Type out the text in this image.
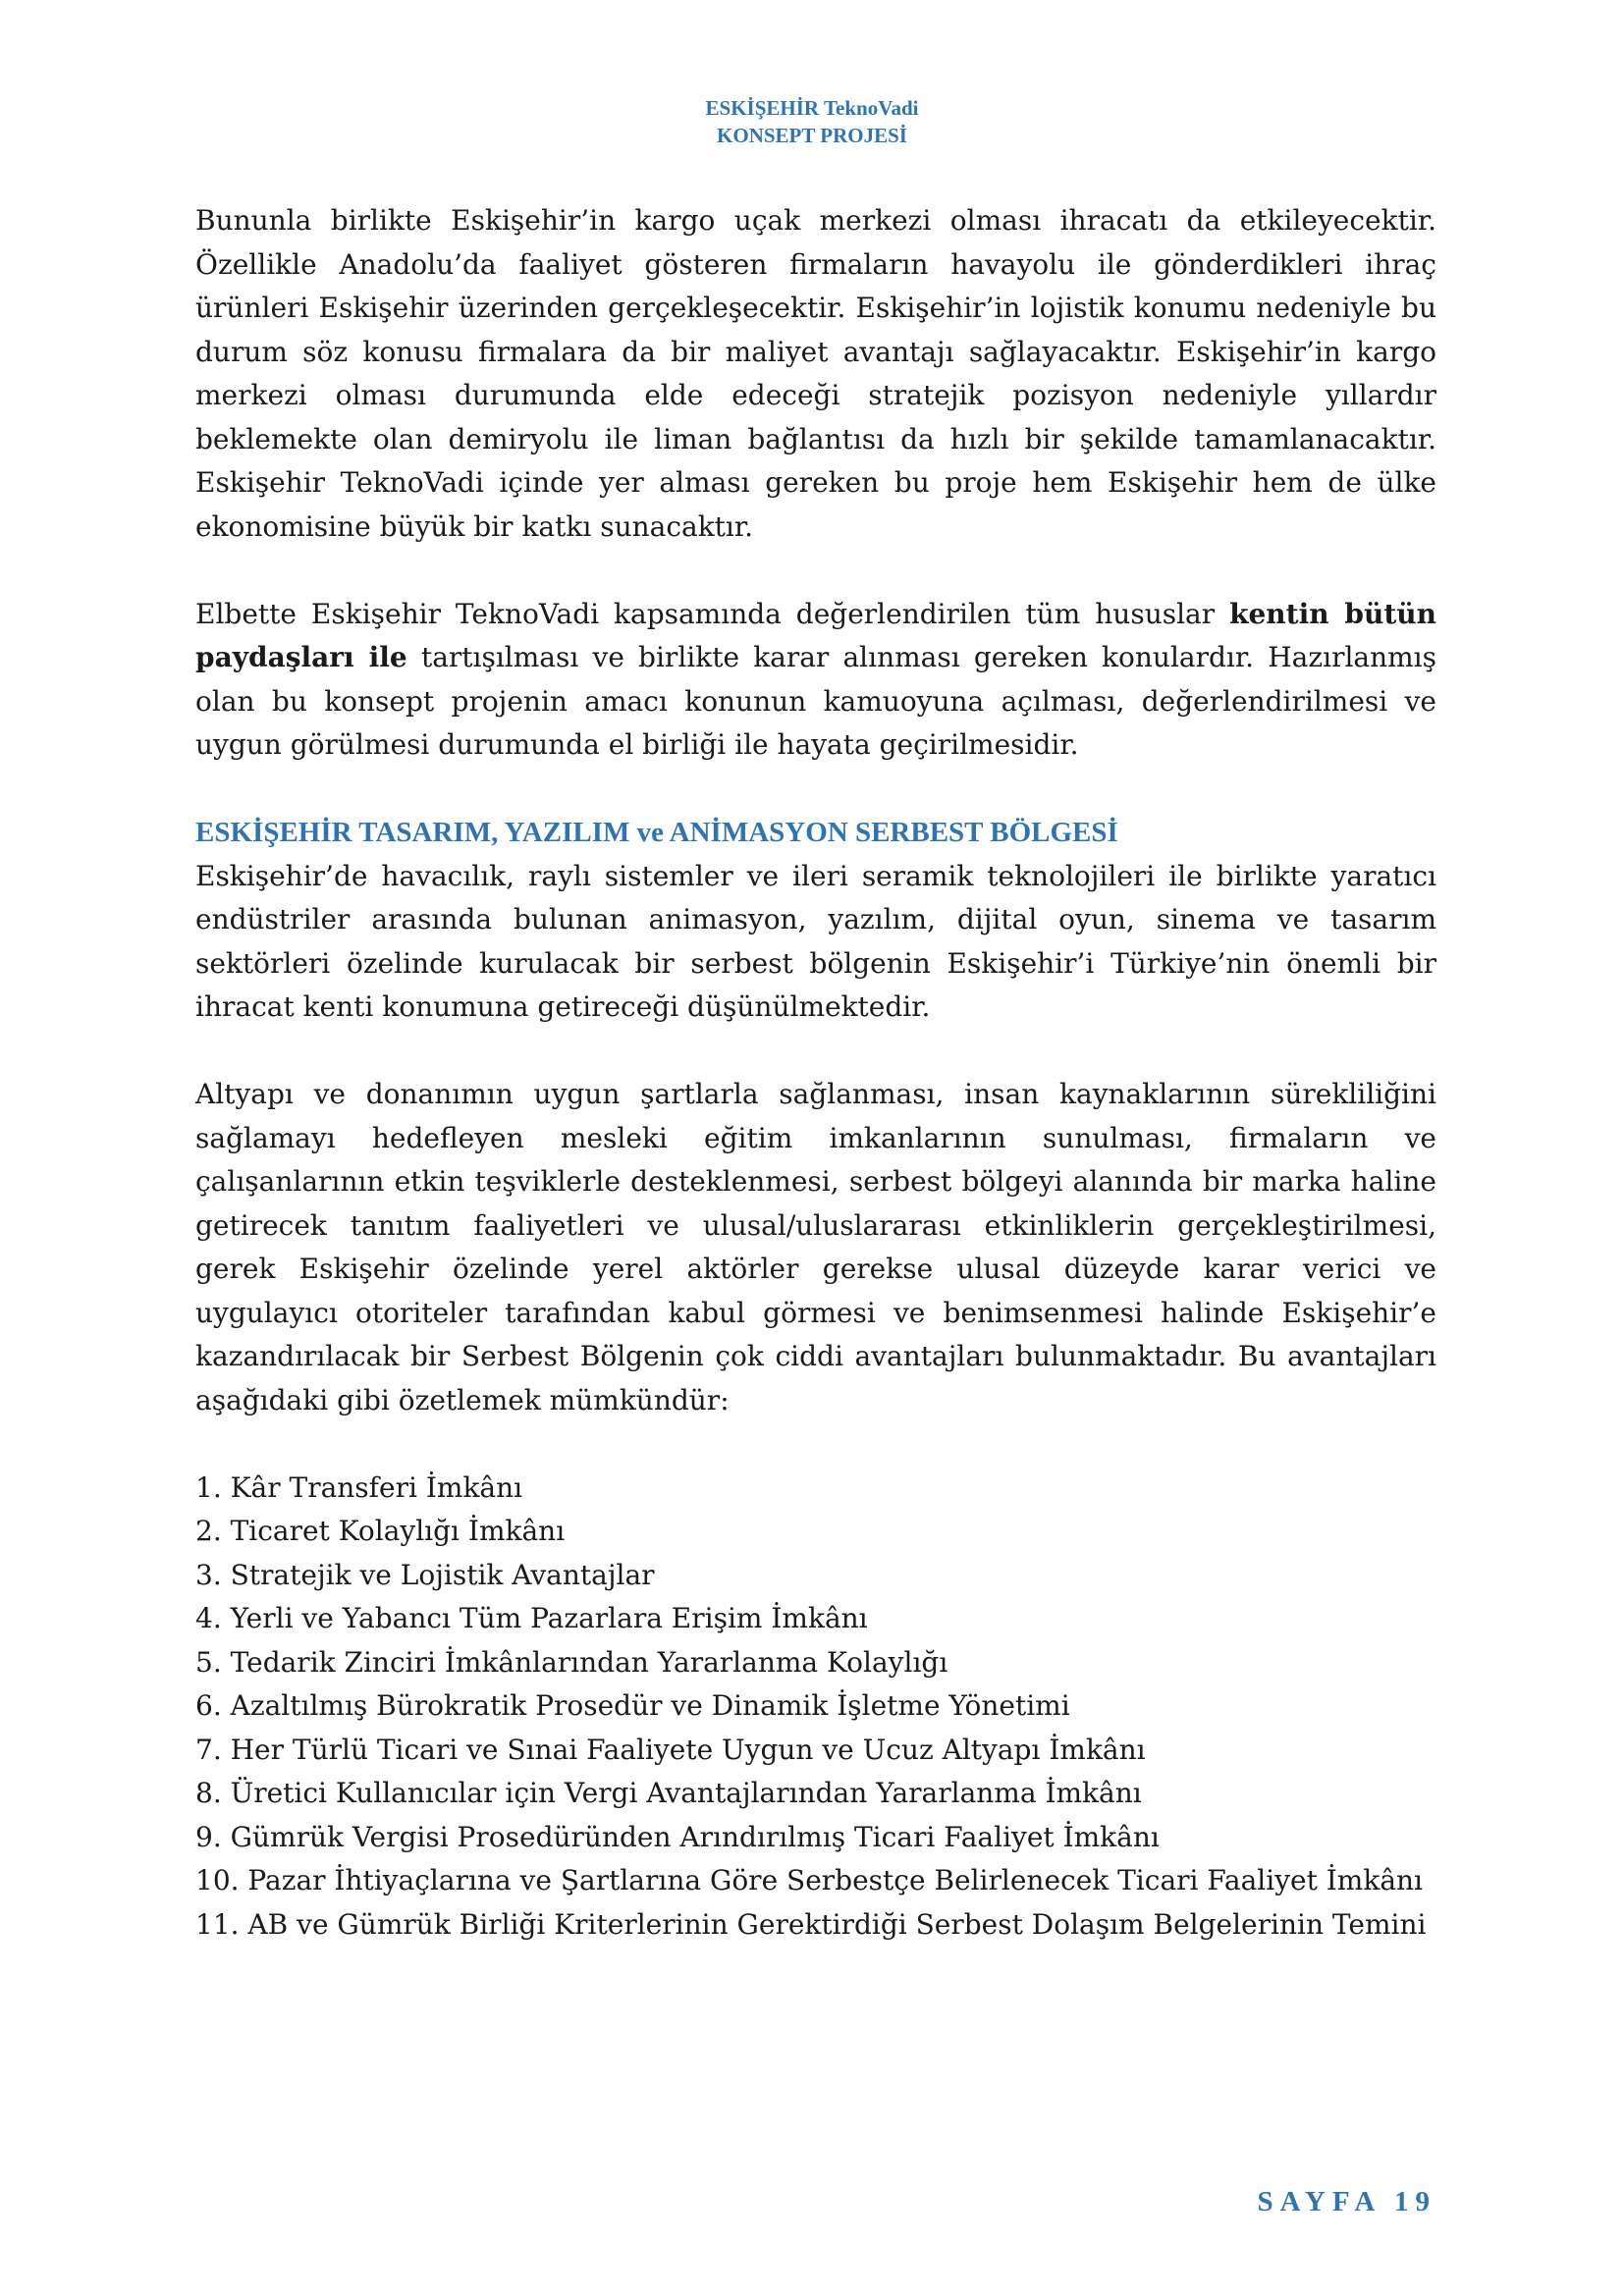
ESKİŞEHİR TeknoVadi
KONSEPT PROJESİ

Bununla birlikte Eskişehir’in kargo uçak merkezi olması ihracatı da etkileyecektir. Özellikle Anadolu’da faaliyet gösteren firmaların havayolu ile gönderdikleri ihraç ürünleri Eskişehir üzerinden gerçekleşecektir. Eskişehir’in lojistik konumu nedeniyle bu durum söz konusu firmalara da bir maliyet avantajı sağlayacaktır. Eskişehir’in kargo merkezi olması durumunda elde edeceği stratejik pozisyon nedeniyle yıllardır beklemekte olan demiryolu ile liman bağlantısı da hızlı bir şekilde tamamlanacaktır. Eskişehir TeknoVadi içinde yer alması gereken bu proje hem Eskişehir hem de ülke ekonomisine büyük bir katkı sunacaktır.

Elbette Eskişehir TeknoVadi kapsamında değerlendirilen tüm hususlar kentin bütün paydaşları ile tartışılması ve birlikte karar alınması gereken konulardır. Hazırlanmış olan bu konsept projenin amacı konunun kamuoyuna açılması, değerlendirilmesi ve uygun görülmesi durumunda el birliği ile hayata geçirilmesidir.

ESKİŞEHİR TASARIM, YAZILIM ve ANİMASYON SERBEST BÖLGESİ

Eskişehir’de havacılık, raylı sistemler ve ileri seramik teknolojileri ile birlikte yaratıcı endüstriler arasında bulunan animasyon, yazılım, dijital oyun, sinema ve tasarım sektörleri özelinde kurulacak bir serbest bölgenin Eskişehir’i Türkiye’nin önemli bir ihracat kenti konumuna getireceği düşünülmektedir.

Altyapı ve donanımın uygun şartlarla sağlanması, insan kaynaklarının sürekliliğini sağlamayı hedefleyen mesleki eğitim imkanlarının sunulması, firmaların ve çalışanlarının etkin teşviklerle desteklenmesi, serbest bölgeyi alanında bir marka haline getirecek tanıtım faaliyetleri ve ulusal/uluslararası etkinliklerin gerçekleştirilmesi, gerek Eskişehir özelinde yerel aktörler gerekse ulusal düzeyde karar verici ve uygulayıcı otoriteler tarafından kabul görmesi ve benimsenmesi halinde Eskişehir’e kazandırılacak bir Serbest Bölgenin çok ciddi avantajları bulunmaktadır. Bu avantajları aşağıdaki gibi özetlemek mümkündür:

1. Kâr Transferi İmkânı
2. Ticaret Kolaylığı İmkânı
3. Stratejik ve Lojistik Avantajlar
4. Yerli ve Yabancı Tüm Pazarlara Erişim İmkânı
5. Tedarik Zinciri İmkânlarından Yararlanma Kolaylığı
6. Azaltılmış Bürokratik Prosedür ve Dinamik İşletme Yönetimi
7. Her Türlü Ticari ve Sınai Faaliyete Uygun ve Ucuz Altyapı İmkânı
8. Üretici Kullanıcılar için Vergi Avantajlarından Yararlanma İmkânı
9. Gümrük Vergisi Prosedüründen Arındırılmış Ticari Faaliyet İmkânı
10. Pazar İhtiyaçlarına ve Şartlarına Göre Serbestçe Belirlenecek Ticari Faaliyet İmkânı
11. AB ve Gümrük Birliği Kriterlerinin Gerektirdiği Serbest Dolaşım Belgelerinin Temini
SAYFA 19
